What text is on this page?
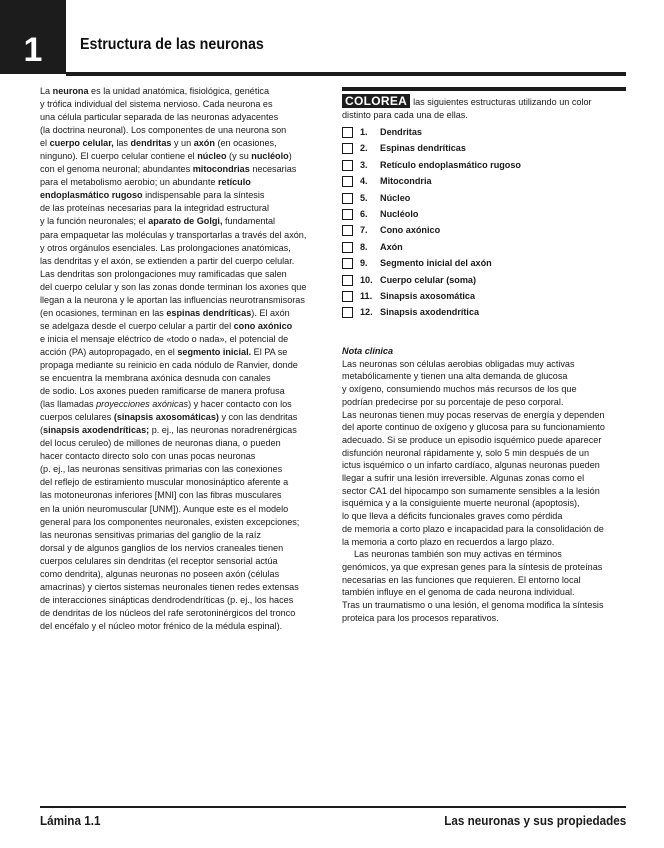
1	Estructura de las neuronas
La neurona es la unidad anatómica, fisiológica, genética
y trófica individual del sistema nervioso. Cada neurona es
una célula particular separada de las neuronas adyacentes
(la doctrina neuronal). Los componentes de una neurona son
el cuerpo celular, las dendritas y un axón (en ocasiones,
ninguno). El cuerpo celular contiene el núcleo (y su nucléolo)
con el genoma neuronal; abundantes mitocondrias necesarias
para el metabolismo aerobio; un abundante retículo
endoplasmático rugoso indispensable para la síntesis
de las proteínas necesarias para la integridad estructural
y la función neuronales; el aparato de Golgi, fundamental
para empaquetar las moléculas y transportarlas a través del axón,
y otros orgánulos esenciales. Las prolongaciones anatómicas,
las dendritas y el axón, se extienden a partir del cuerpo celular.
Las dendritas son prolongaciones muy ramificadas que salen
del cuerpo celular y son las zonas donde terminan los axones que
llegan a la neurona y le aportan las influencias neurotransmisoras
(en ocasiones, terminan en las espinas dendríticas). El axón
se adelgaza desde el cuerpo celular a partir del cono axónico
e inicia el mensaje eléctrico de «todo o nada», el potencial de
acción (PA) autopropagado, en el segmento inicial. El PA se
propaga mediante su reinicio en cada nódulo de Ranvier, donde
se encuentra la membrana axónica desnuda con canales
de sodio. Los axones pueden ramificarse de manera profusa
(las llamadas proyecciones axónicas) y hacer contacto con los
cuerpos celulares (sinapsis axosomáticas) y con las dendritas
(sinapsis axodendríticas; p. ej., las neuronas noradrenérgicas
del locus ceruleo) de millones de neuronas diana, o pueden
hacer contacto directo solo con unas pocas neuronas
(p. ej., las neuronas sensitivas primarias con las conexiones
del reflejo de estiramiento muscular monosináptico aferente a
las motoneuronas inferiores [MNI] con las fibras musculares
en la unión neuromuscular [UNM]). Aunque este es el modelo
general para los componentes neuronales, existen excepciones;
las neuronas sensitivas primarias del ganglio de la raíz
dorsal y de algunos ganglios de los nervios craneales tienen
cuerpos celulares sin dendritas (el receptor sensorial actúa
como dendrita), algunas neuronas no poseen axón (células
amacrinas) y ciertos sistemas neuronales tienen redes extensas
de interacciones sinápticas dendrodendríticas (p. ej., los haces
de dendritas de los núcleos del rafe serotoninérgicos del tronco
del encéfalo y el núcleo motor frénico de la médula espinal).
COLOREA las siguientes estructuras utilizando un color
distinto para cada una de ellas.
1.	Dendritas
2.	Espinas dendríticas
3.	Retículo endoplasmático rugoso
4.	Mitocondria
5.	Núcleo
6.	Nucléolo
7.	Cono axónico
8.	Axón
9.	Segmento inicial del axón
10. Cuerpo celular (soma)
11. Sinapsis axosomática
12. Sinapsis axodendrítica
Nota clínica
Las neuronas son células aerobias obligadas muy activas
metabólicamente y tienen una alta demanda de glucosa
y oxígeno, consumiendo muchos más recursos de los que
podrían predecirse por su porcentaje de peso corporal.
Las neuronas tienen muy pocas reservas de energía y dependen
del aporte continuo de oxígeno y glucosa para su funcionamiento
adecuado. Si se produce un episodio isquémico puede aparecer
disfunción neuronal rápidamente y, solo 5 min después de un
ictus isquémico o un infarto cardíaco, algunas neuronas pueden
llegar a sufrir una lesión irreversible. Algunas zonas como el
sector CA1 del hipocampo son sumamente sensibles a la lesión
isquémica y a la consiguiente muerte neuronal (apoptosis),
lo que lleva a déficits funcionales graves como pérdida
de memoria a corto plazo e incapacidad para la consolidación de
la memoria a corto plazo en recuerdos a largo plazo.
Las neuronas también son muy activas en términos
genómicos, ya que expresan genes para la síntesis de proteínas
necesarias en las funciones que requieren. El entorno local
también influye en el genoma de cada neurona individual.
Tras un traumatismo o una lesión, el genoma modifica la síntesis
proteica para los procesos reparativos.
Lámina 1.1	Las neuronas y sus propiedades
